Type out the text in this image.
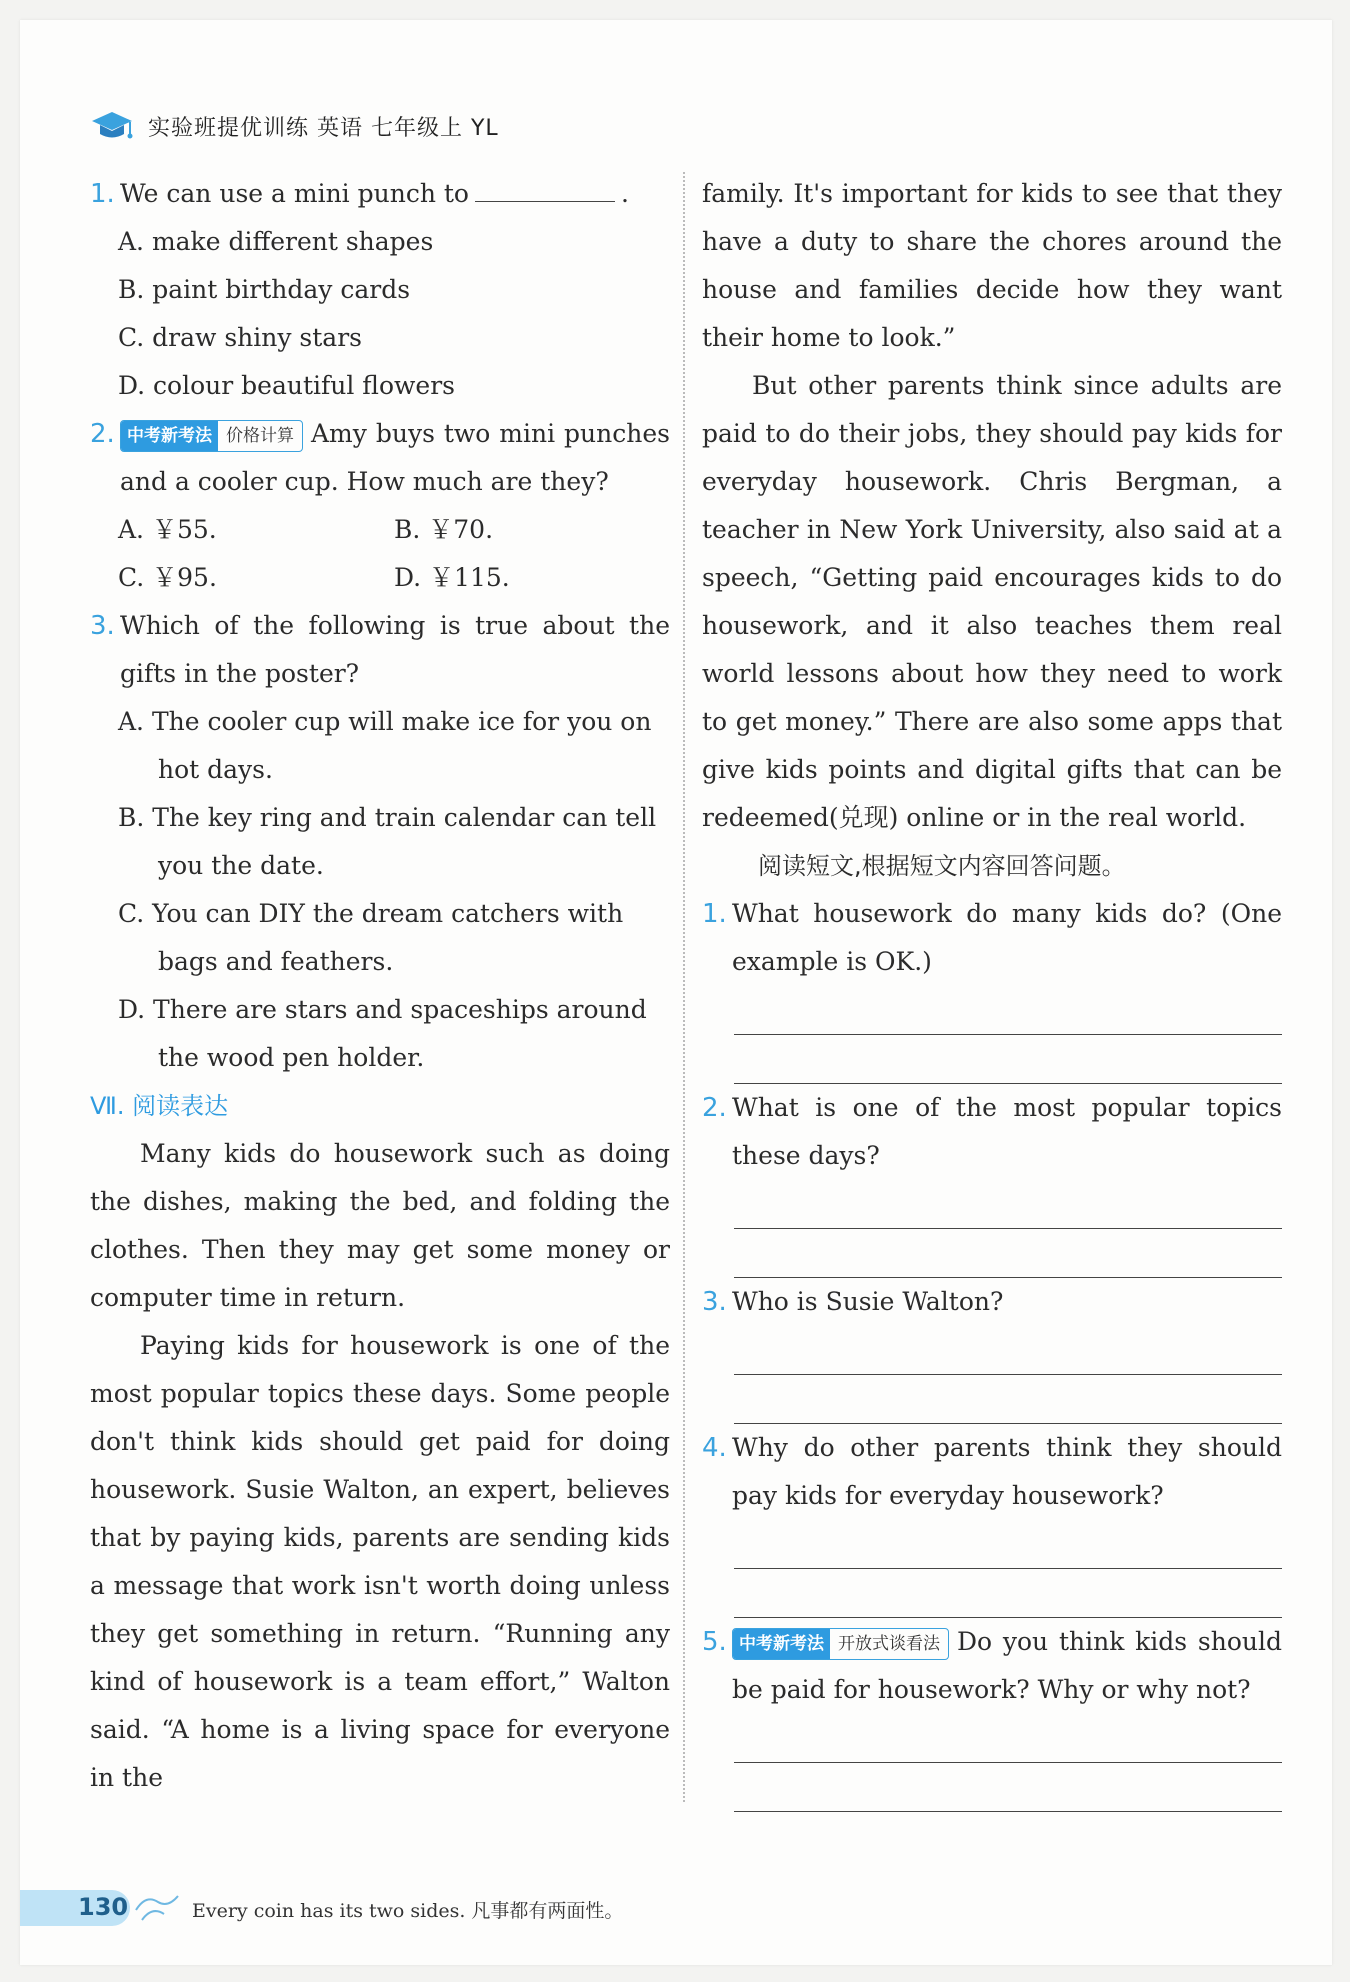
实验班提优训练 英语 七年级上 YL
1. We can use a mini punch to	.
A. make different shapes
B. paint birthday cards
C. draw shiny stars
D. colour beautiful flowers
2. 中考新考法 价格计算 Amy buys two mini punches and a cooler cup. How much are they?
A. ￥55.	B. ￥70.
C. ￥95.	D. ￥115.
3. Which of the following is true about the gifts in the poster?
A. The cooler cup will make ice for you on hot days.
B. The key ring and train calendar can tell you the date.
C. You can DIY the dream catchers with bags and feathers.
D. There are stars and spaceships around the wood pen holder.
Ⅶ. 阅读表达
Many kids do housework such as doing the dishes, making the bed, and folding the clothes. Then they may get some money or computer time in return.
Paying kids for housework is one of the most popular topics these days. Some people don't think kids should get paid for doing housework. Susie Walton, an expert, believes that by paying kids, parents are sending kids a message that work isn't worth doing unless they get something in return. “Running any kind of housework is a team effort,” Walton said. “A home is a living space for everyone in the
family. It's important for kids to see that they have a duty to share the chores around the house and families decide how they want their home to look.”
But other parents think since adults are paid to do their jobs, they should pay kids for everyday housework. Chris Bergman, a teacher in New York University, also said at a speech, “Getting paid encourages kids to do housework, and it also teaches them real world lessons about how they need to work to get money.” There are also some apps that give kids points and digital gifts that can be redeemed(兑现) online or in the real world.
阅读短文,根据短文内容回答问题。
1. What housework do many kids do? (One example is OK.)
2. What is one of the most popular topics these days?
3. Who is Susie Walton?
4. Why do other parents think they should pay kids for everyday housework?
5. 中考新考法 开放式谈看法 Do you think kids should be paid for housework? Why or why not?
130	Every coin has its two sides. 凡事都有两面性。
